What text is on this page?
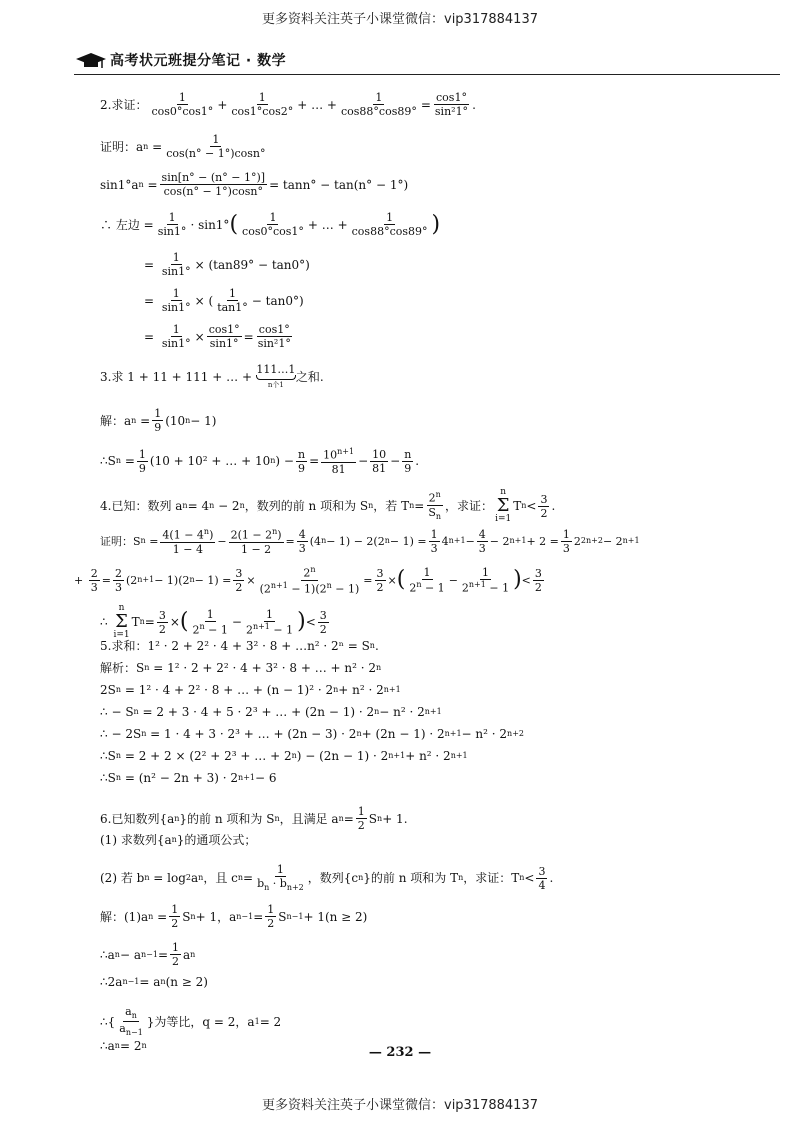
更多资料关注英子小课堂微信：vip317884137
高考状元班提分笔记 · 数学
2.求证： $\frac{1}{\cos 0^\circ\cos 1^\circ} + \frac{1}{\cos 1^\circ\cos 2^\circ}$ + … + $\frac{1}{\cos 88^\circ\cos 89^\circ} = \frac{\cos 1^\circ}{\text{sin²1°}}$ .
证明：a $n = \frac{1}{\cos(n^\circ - 1^\circ)\cos n^\circ}$
sin1°a $n = \frac{\sin[n^\circ - (n^\circ - 1^\circ)]}{\cos(n^\circ - 1^\circ)\cos n^\circ} = \tan n^\circ - \tan(n^\circ - 1^\circ)$
∴ 左边 = $\frac{1}{\sin 1^\circ} \cdot \sin 1^\circ$ ( $\frac{1}{\cos 0^\circ\cos 1^\circ}$ + … + $\frac{1}{\cos 88^\circ\cos 89^\circ}$ )
= $\frac{1}{\sin 1^\circ} \times (\tan 89^\circ - \tan 0^\circ)$
= $\frac{1}{\sin 1^\circ}$ × ( $\frac{1}{\tan 1^\circ} - \tan 0^\circ$)
= $\frac{1}{\sin 1^\circ} \times \frac{\cos 1^\circ}{\sin 1^\circ} = \frac{\cos 1^\circ}{\text{sin²1°}}$
3.求 1 + 11 + 111 + … +
111…1
n个1
之和.
解：a $n = \frac{1}{9} (10$ n − 1)
∴S $n = \frac{1}{9} (10 + 10^2$ + … + 10 n ) − $\frac{n}{9} = \frac{10^{n+1}}{81} - \frac{10}{81} - \frac{n}{9}$ .
4.已知：数列 a n = 4 n − 2 n ，数列的前 n 项和为 S n ，若 T $n = \frac{2^n}{S_n}$ ，求证：
n
Σ
i=1
T $n < \frac{3}{2}$ .
证明：S $n = \frac{4(1 - 4^n)}{1 - 4} - \frac{2(1 - 2^n)}{1 - 2} = \frac{4}{3} (4$ n − 1) − 2(2 $n - 1) = \frac{1}{3} 4$ $n+1 - \frac{4}{3} - 2$ $n+1 + 2 = \frac{1}{3} 2$ 2n+2 − 2 n+1
+ $\frac{2}{3} = \frac{2}{3} (2$ n+1 − 1)(2 $n - 1) = \frac{3}{2} \times \frac{2^n}{(2^{n+1} - 1)(2^n - 1)} = \frac{3}{2}$ × ( $\frac{1}{2^n - 1} - \frac{1}{2^{n+1} - 1}$ ) < $\frac{3}{2}$
∴
n
Σ
i=1
T $n = \frac{3}{2}$ × ( $\frac{1}{2^n - 1} - \frac{1}{2^{n+1} - 1}$ ) < $\frac{3}{2}$
5.求和：1² · 2 + 2² · 4 + 3² · 8 + …n² · 2ⁿ = S n .
解析：S n = 1² · 2 + 2² · 4 + 3² · 8 + … + n² · 2 n
2S n = 1² · 4 + 2² · 8 + … + (n − 1)² · 2 n + n² · 2 n+1
∴ − S n = 2 + 3 · 4 + 5 · 2³ + … + (2n − 1) · 2 n − n² · 2 n+1
∴ − 2S n = 1 · 4 + 3 · 2³ + … + (2n − 3) · 2 n + (2n − 1) · 2 n+1 − n² · 2 n+2
∴S n = 2 + 2 × (2² + 2³ + … + 2 n ) − (2n − 1) · 2 n+1 + n² · 2 n+1
∴S n = (n² − 2n + 3) · 2 n+1 − 6
6.已知数列{a n }的前 n 项和为 S n ，且满足 a $n = \frac{1}{2}$ S n + 1.
(1) 求数列{a n }的通项公式；
(2) 若 b n = log 2 a n ，且 c $n = \frac{1}{b_n \cdot b_{n+2}}$ ，数列{c n }的前 n 项和为 T n ，求证：T $n < \frac{3}{4}$ .
解：(1)a $n = \frac{1}{2}$ S n + 1，a $n-1 = \frac{1}{2}$ S n−1 + 1(n ≥ 2)
∴a n − a $n-1 = \frac{1}{2}$ a n
∴2a n−1 = a n (n ≥ 2)
∴{ $\frac{a_n}{a_{n-1}}$ }为等比，q = 2，a 1 = 2
∴a n = 2 n	— 232 —
更多资料关注英子小课堂微信：vip317884137
